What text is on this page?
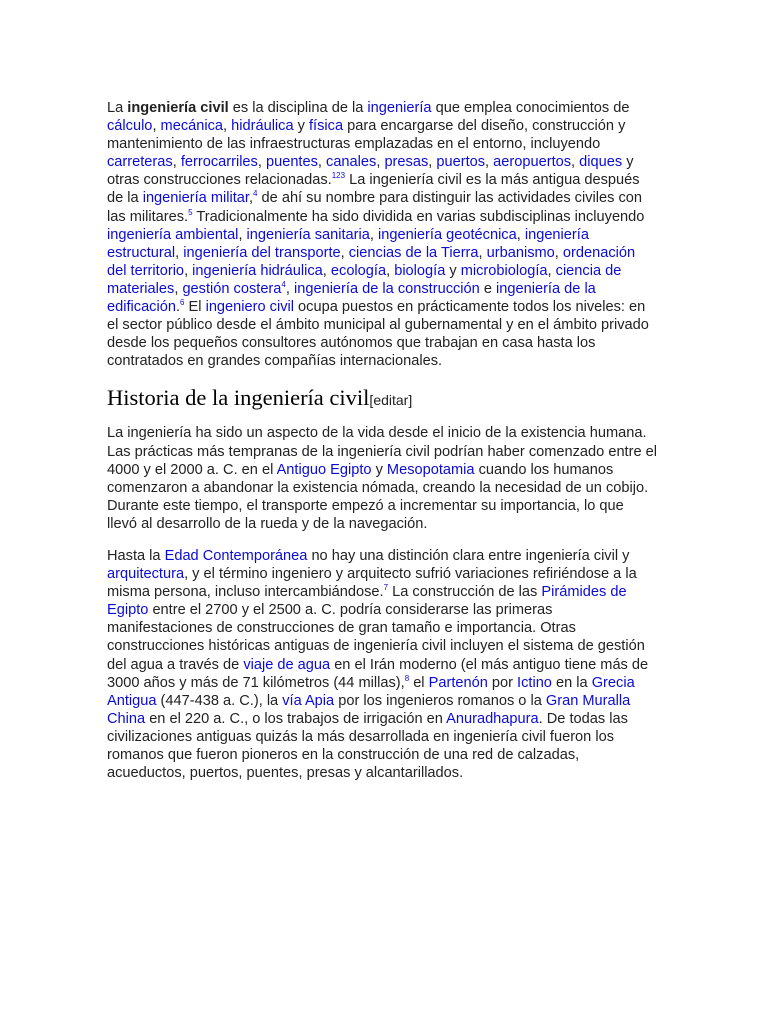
La ingeniería civil es la disciplina de la ingeniería que emplea conocimientos de cálculo, mecánica, hidráulica y física para encargarse del diseño, construcción y mantenimiento de las infraestructuras emplazadas en el entorno, incluyendo carreteras, ferrocarriles, puentes, canales, presas, puertos, aeropuertos, diques y otras construcciones relacionadas.$^{123}$ La ingeniería civil es la más antigua después de la ingeniería militar,$^4$ de ahí su nombre para distinguir las actividades civiles con las militares.$^5$ Tradicionalmente ha sido dividida en varias subdisciplinas incluyendo ingeniería ambiental, ingeniería sanitaria, ingeniería geotécnica, ingeniería estructural, ingeniería del transporte, ciencias de la Tierra, urbanismo, ordenación del territorio, ingeniería hidráulica, ecología, biología y microbiología, ciencia de materiales, gestión costera$^4$, ingeniería de la construcción e ingeniería de la edificación.$^6$ El ingeniero civil ocupa puestos en prácticamente todos los niveles: en el sector público desde el ámbito municipal al gubernamental y en el ámbito privado desde los pequeños consultores autónomos que trabajan en casa hasta los contratados en grandes compañías internacionales.

Historia de la ingeniería civil[editar]

La ingeniería ha sido un aspecto de la vida desde el inicio de la existencia humana. Las prácticas más tempranas de la ingeniería civil podrían haber comenzado entre el 4000 y el 2000 a. C. en el Antiguo Egipto y Mesopotamia cuando los humanos comenzaron a abandonar la existencia nómada, creando la necesidad de un cobijo. Durante este tiempo, el transporte empezó a incrementar su importancia, lo que llevó al desarrollo de la rueda y de la navegación.

Hasta la Edad Contemporánea no hay una distinción clara entre ingeniería civil y arquitectura, y el término ingeniero y arquitecto sufrió variaciones refiriéndose a la misma persona, incluso intercambiándose.$^7$ La construcción de las Pirámides de Egipto entre el 2700 y el 2500 a. C. podría considerarse las primeras manifestaciones de construcciones de gran tamaño e importancia. Otras construcciones históricas antiguas de ingeniería civil incluyen el sistema de gestión del agua a través de viaje de agua en el Irán moderno (el más antiguo tiene más de 3000 años y más de 71 kilómetros (44 millas),$^8$ el Partenón por Ictino en la Grecia Antigua (447-438 a. C.), la vía Apia por los ingenieros romanos o la Gran Muralla China en el 220 a. C., o los trabajos de irrigación en Anuradhapura. De todas las civilizaciones antiguas quizás la más desarrollada en ingeniería civil fueron los romanos que fueron pioneros en la construcción de una red de calzadas, acueductos, puertos, puentes, presas y alcantarillados.
